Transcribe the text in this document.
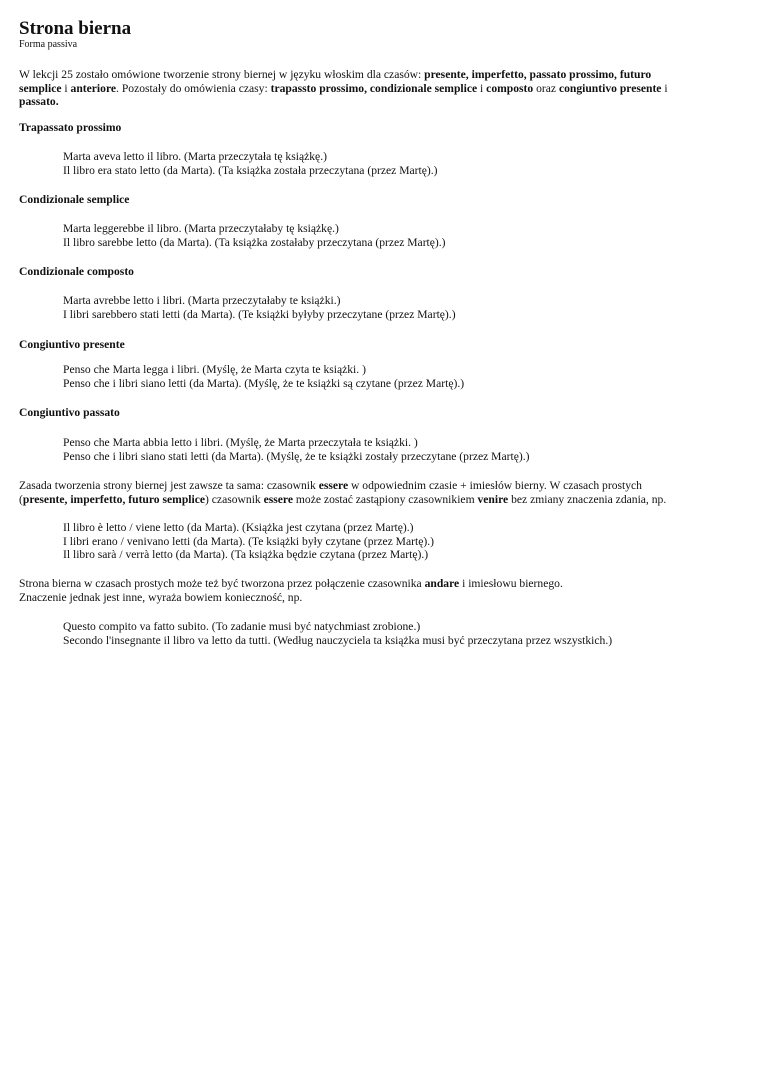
Strona bierna
Forma passiva
W lekcji 25 zostało omówione tworzenie strony biernej w języku włoskim dla czasów: presente, imperfetto, passato prossimo, futuro
semplice i anteriore. Pozostały do omówienia czasy: trapassto prossimo, condizionale semplice i composto oraz congiuntivo presente i
passato.
Trapassato prossimo
Marta aveva letto il libro. (Marta przeczytała tę książkę.)
Il libro era stato letto (da Marta). (Ta książka została przeczytana (przez Martę).)
Condizionale semplice
Marta leggerebbe il libro. (Marta przeczytałaby tę książkę.)
Il libro sarebbe letto (da Marta). (Ta książka zostałaby przeczytana (przez Martę).)
Condizionale composto
Marta avrebbe letto i libri. (Marta przeczytałaby te książki.)
I libri sarebbero stati letti (da Marta). (Te książki byłyby przeczytane (przez Martę).)
Congiuntivo presente
Penso che Marta legga i libri. (Myślę, że Marta czyta te książki. )
Penso che i libri siano letti (da Marta). (Myślę, że te książki są czytane (przez Martę).)
Congiuntivo passato
Penso che Marta abbia letto i libri. (Myślę, że Marta przeczytała te książki. )
Penso che i libri siano stati letti (da Marta). (Myślę, że te książki zostały przeczytane (przez Martę).)
Zasada tworzenia strony biernej jest zawsze ta sama: czasownik essere w odpowiednim czasie + imiesłów bierny. W czasach prostych
(presente, imperfetto, futuro semplice) czasownik essere może zostać zastąpiony czasownikiem venire bez zmiany znaczenia zdania, np.
Il libro è letto / viene letto (da Marta). (Książka jest czytana (przez Martę).)
I libri erano / venivano letti (da Marta). (Te książki były czytane (przez Martę).)
Il libro sarà / verrà letto (da Marta). (Ta książka będzie czytana (przez Martę).)
Strona bierna w czasach prostych może też być tworzona przez połączenie czasownika andare i imiesłowu biernego.
Znaczenie jednak jest inne, wyraża bowiem konieczność, np.
Questo compito va fatto subito. (To zadanie musi być natychmiast zrobione.)
Secondo l'insegnante il libro va letto da tutti. (Według nauczyciela ta książka musi być przeczytana przez wszystkich.)
